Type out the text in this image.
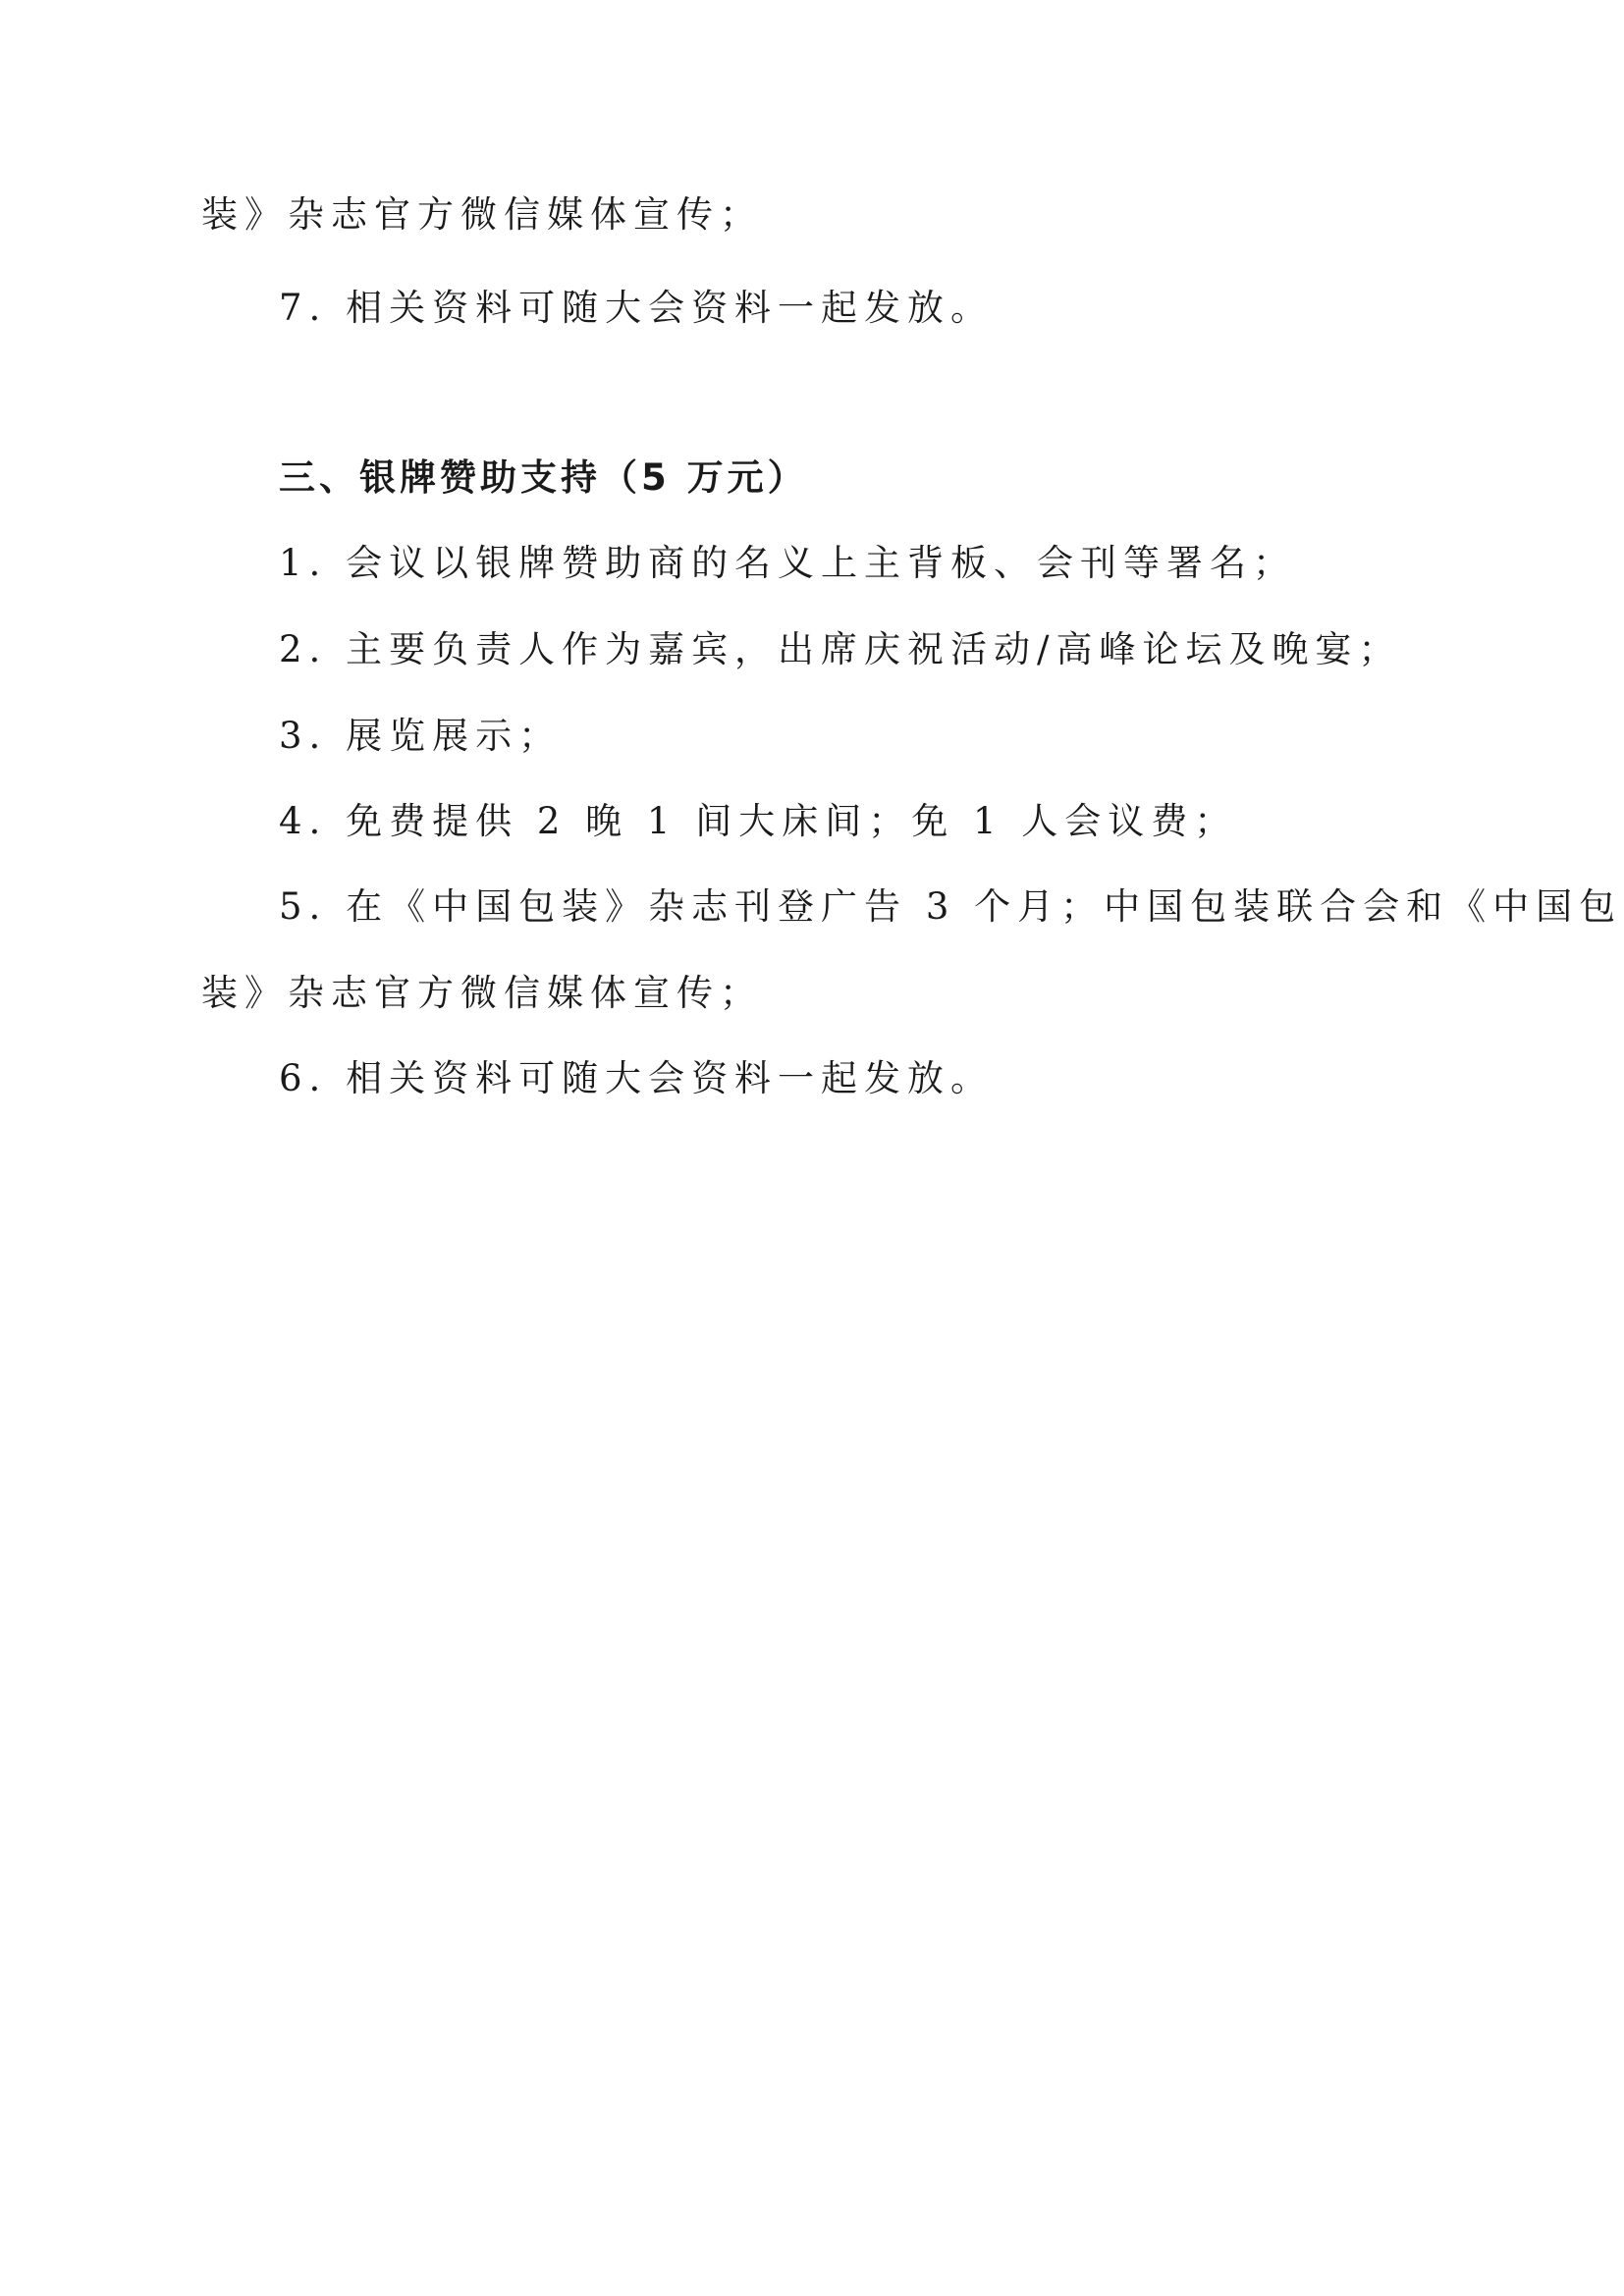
装》杂志官方微信媒体宣传；
7. 相关资料可随大会资料一起发放。
三、银牌赞助支持（5 万元）
1. 会议以银牌赞助商的名义上主背板、会刊等署名；
2. 主要负责人作为嘉宾，出席庆祝活动/高峰论坛及晚宴；
3. 展览展示；
4. 免费提供 2 晚 1 间大床间；免 1 人会议费；
5. 在《中国包装》杂志刊登广告 3 个月；中国包装联合会和《中国包
装》杂志官方微信媒体宣传；
6. 相关资料可随大会资料一起发放。
